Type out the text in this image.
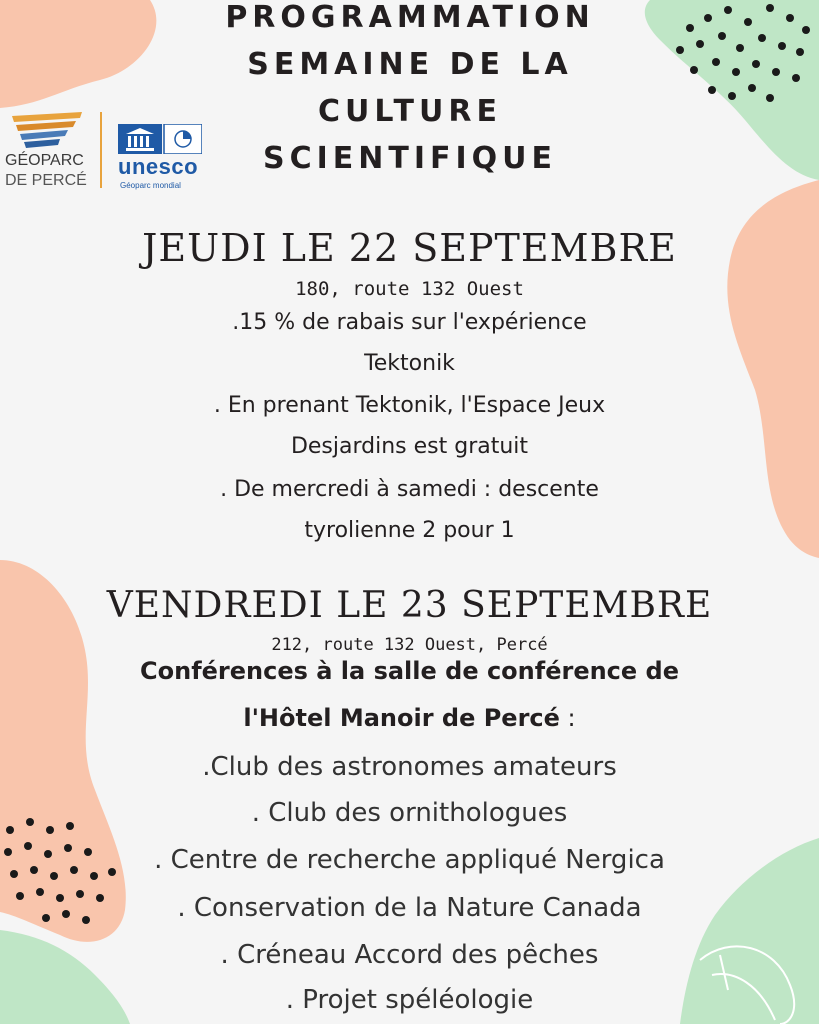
PROGRAMMATION
SEMAINE DE LA
CULTURE
SCIENTIFIQUE
GÉOPARC
DE PERCÉ
unesco
Géoparc mondial
JEUDI LE 22 SEPTEMBRE
180, route 132 Ouest
.15 % de rabais sur l'expérience
Tektonik
. En prenant Tektonik, l'Espace Jeux
Desjardins est gratuit
. De mercredi à samedi : descente
tyrolienne 2 pour 1
VENDREDI LE 23 SEPTEMBRE
212, route 132 Ouest, Percé
Conférences à la salle de conférence de
l'Hôtel Manoir de Percé :
.Club des astronomes amateurs
. Club des ornithologues
. Centre de recherche appliqué Nergica
. Conservation de la Nature Canada
. Créneau Accord des pêches
. Projet spéléologie
